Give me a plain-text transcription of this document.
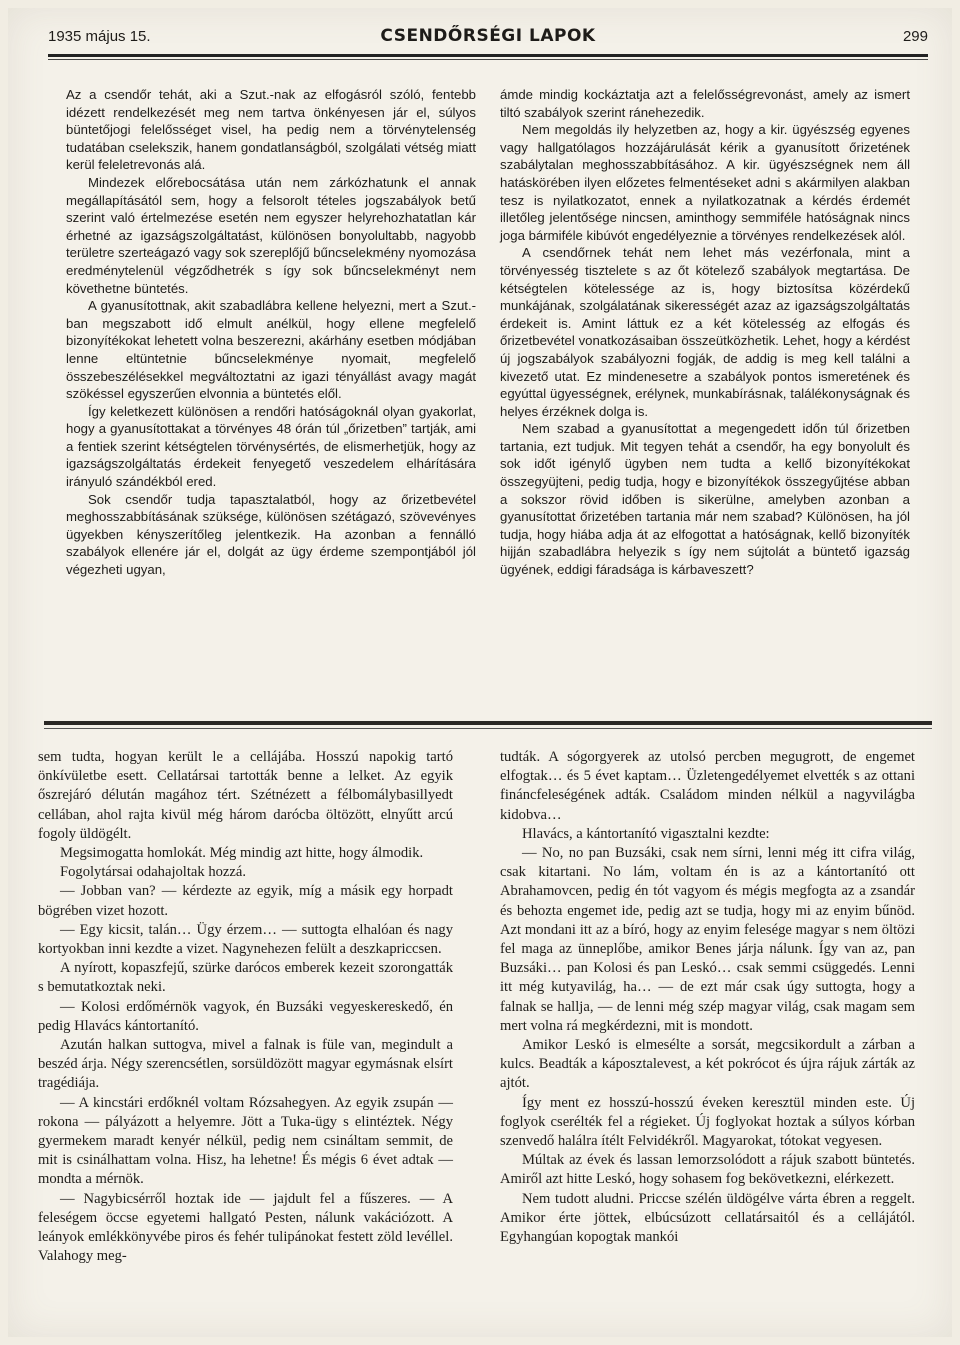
1935 május 15.	CSENDŐRSÉGI LAPOK	299

Az a csendőr tehát, aki a Szut.-nak az elfogásról szóló, fentebb idézett rendelkezését meg nem tartva önkényesen jár el, súlyos büntetőjogi felelősséget visel, ha pedig nem a törvénytelenség tudatában cselekszik, hanem gondatlanságból, szolgálati vétség miatt kerül feleletrevonás alá.

Mindezek előrebocsátása után nem zárkózhatunk el annak megállapításától sem, hogy a felsorolt tételes jogszabályok betű szerint való értelmezése esetén nem egyszer helyrehozhatatlan kár érhetné az igazságszolgáltatást, különösen bonyolultabb, nagyobb területre szerteágazó vagy sok szereplőjű bűncselekmény nyomozása eredménytelenül végződhetrék s így sok bűncselekményt nem követhetne büntetés.

A gyanusítottnak, akit szabadlábra kellene helyezni, mert a Szut.-ban megszabott idő elmult anélkül, hogy ellene megfelelő bizonyítékokat lehetett volna beszerezni, akárhány esetben módjában lenne eltüntetnie bűncselekménye nyomait, megfelelő összebeszélésekkel megváltoztatni az igazi tényállást avagy magát szökéssel egyszerűen elvonnia a büntetés elől.

Így keletkezett különösen a rendőri hatóságoknál olyan gyakorlat, hogy a gyanusítottakat a törvényes 48 órán túl „őrizetben” tartják, ami a fentiek szerint kétségtelen törvénysértés, de elismerhetjük, hogy az igazságszolgáltatás érdekeit fenyegető veszedelem elhárítására irányuló szándékból ered.

Sok csendőr tudja tapasztalatból, hogy az őrizetbevétel meghosszabbításának szüksége, különösen szétágazó, szövevényes ügyekben kényszerítőleg jelentkezik. Ha azonban a fennálló szabályok ellenére jár el, dolgát az ügy érdeme szempontjából jól végezheti ugyan,

ámde mindig kockáztatja azt a felelősségrevonást, amely az ismert tiltó szabályok szerint ránehezedik.

Nem megoldás ily helyzetben az, hogy a kir. ügyészség egyenes vagy hallgatólagos hozzájárulását kérik a gyanusított őrizetének szabálytalan meghosszabbításához. A kir. ügyészségnek nem áll hatáskörében ilyen előzetes felmentéseket adni s akármilyen alakban tesz is nyilatkozatot, ennek a nyilatkozatnak a kérdés érdemét illetőleg jelentősége nincsen, aminthogy semmiféle hatóságnak nincs joga bármiféle kibúvót engedélyeznie a törvényes rendelkezések alól.

A csendőrnek tehát nem lehet más vezérfonala, mint a törvényesség tisztelete s az őt kötelező szabályok megtartása. De kétségtelen kötelessége az is, hogy biztosítsa közérdekű munkájának, szolgálatának sikerességét azaz az igazságszolgáltatás érdekeit is. Amint láttuk ez a két kötelesség az elfogás és őrizetbevétel vonatkozásaiban összeütközhetik. Lehet, hogy a kérdést új jogszabályok szabályozni fogják, de addig is meg kell találni a kivezető utat. Ez mindenesetre a szabályok pontos ismeretének és egyúttal ügyességnek, erélynek, munkabírásnak, találékonyságnak és helyes érzéknek dolga is.

Nem szabad a gyanusítottat a megengedett időn túl őrizetben tartania, ezt tudjuk. Mit tegyen tehát a csendőr, ha egy bonyolult és sok időt igénylő ügyben nem tudta a kellő bizonyítékokat összegyüjteni, pedig tudja, hogy e bizonyítékok összegyűjtése abban a sokszor rövid időben is sikerülne, amelyben azonban a gyanusítottat őrizetében tartania már nem szabad? Különösen, ha jól tudja, hogy hiába adja át az elfogottat a hatóságnak, kellő bizonyíték hijján szabadlábra helyezik s így nem sújtolát a büntető igazság ügyének, eddigi fáradsága is kárbaveszett?

sem tudta, hogyan került le a cellájába. Hosszú napokig tartó önkívületbe esett. Cellatársai tartották benne a lelket. Az egyik őszrejáró délután magához tért. Szétnézett a félbomálybasillyedt cellában, ahol rajta kivül még három darócba öltözött, elnyűtt arcú fogoly üldögélt.

Megsimogatta homlokát. Még mindig azt hitte, hogy álmodik.

Fogolytársai odahajoltak hozzá.

— Jobban van? — kérdezte az egyik, míg a másik egy horpadt bögrében vizet hozott.

— Egy kicsit, talán… Ügy érzem… — suttogta elhalóan és nagy kortyokban inni kezdte a vizet. Nagynehezen felült a deszkapriccsen.

A nyírott, kopaszfejű, szürke darócos emberek kezeit szorongatták s bemutatkoztak neki.

— Kolosi erdőmérnök vagyok, én Buzsáki vegyeskereskedő, én pedig Hlavács kántortanító.

Azután halkan suttogva, mivel a falnak is füle van, megindult a beszéd árja. Négy szerencsétlen, sorsüldözött magyar egymásnak elsírt tragédiája.

— A kincstári erdőknél voltam Rózsahegyen. Az egyik zsupán — rokona — pályázott a helyemre. Jött a Tuka-ügy s elintéztek. Négy gyermekem maradt kenyér nélkül, pedig nem csináltam semmit, de mit is csinálhattam volna. Hisz, ha lehetne! És mégis 6 évet adtak — mondta a mérnök.

— Nagybicsérről hoztak ide — jajdult fel a fűszeres. — A feleségem öccse egyetemi hallgató Pesten, nálunk vakációzott. A leányok emlékkönyvébe piros és fehér tulipánokat festett zöld levéllel. Valahogy meg-

tudták. A sógorgyerek az utolsó percben megugrott, de engemet elfogtak… és 5 évet kaptam… Üzletengedélyemet elvették s az ottani fináncfeleségének adták. Családom minden nélkül a nagyvilágba kidobva…

Hlavács, a kántortanító vigasztalni kezdte:

— No, no pan Buzsáki, csak nem sírni, lenni még itt cifra világ, csak kitartani. No lám, voltam én is az a kántortanító ott Abrahamovcen, pedig én tót vagyom és mégis megfogta az a zsandár és behozta engemet ide, pedig azt se tudja, hogy mi az enyim bűnöd. Azt mondani itt az a bíró, hogy az enyim felesége magyar s nem öltözi fel maga az ünneplőbe, amikor Benes járja nálunk. Így van az, pan Buzsáki… pan Kolosi és pan Leskó… csak semmi csüggedés. Lenni itt még kutyavilág, ha… — de ezt már csak úgy suttogta, hogy a falnak se hallja, — de lenni még szép magyar világ, csak magam sem mert volna rá megkérdezni, mit is mondott.

Amikor Leskó is elmesélte a sorsát, megcsikordult a zárban a kulcs. Beadták a káposztalevest, a két pokrócot és újra rájuk zárták az ajtót.

Így ment ez hosszú-hosszú éveken keresztül minden este. Új foglyok cserélték fel a régieket. Új foglyokat hoztak a súlyos kórban szenvedő halálra ítélt Felvidékről. Magyarokat, tótokat vegyesen.

Múltak az évek és lassan lemorzsolódott a rájuk szabott büntetés. Amiről azt hitte Leskó, hogy sohasem fog bekövetkezni, elérkezett.

Nem tudott aludni. Priccse szélén üldögélve várta ébren a reggelt. Amikor érte jöttek, elbúcsúzott cellatársaitól és a cellájától. Egyhangúan kopogtak mankói
